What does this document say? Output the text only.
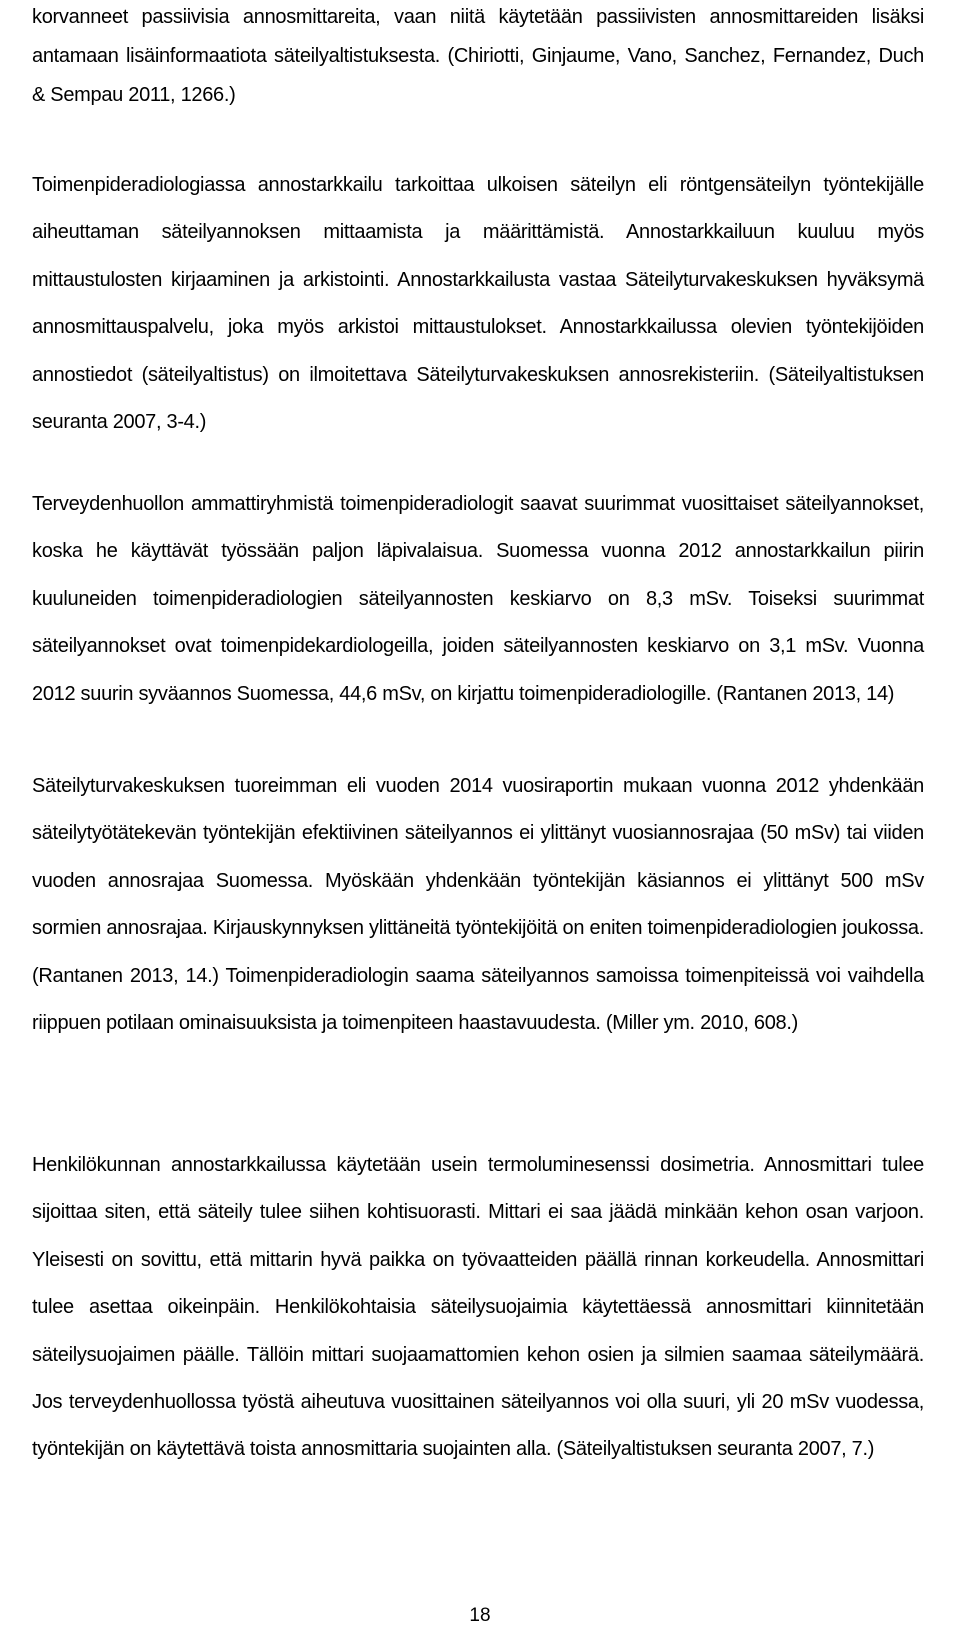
korvanneet passiivisia annosmittareita, vaan niitä käytetään passiivisten annosmittareiden lisäksi antamaan lisäinformaatiota säteilyaltistuksesta. (Chiriotti, Ginjaume, Vano, Sanchez, Fernandez, Duch & Sempau 2011, 1266.)

Toimenpideradiologiassa annostarkkailu tarkoittaa ulkoisen säteilyn eli röntgensäteilyn työntekijälle aiheuttaman säteilyannoksen mittaamista ja määrittämistä. Annostarkkailuun kuuluu myös mittaustulosten kirjaaminen ja arkistointi. Annostarkkailusta vastaa Säteilyturvakeskuksen hyväksymä annosmittauspalvelu, joka myös arkistoi mittaustulokset. Annostarkkailussa olevien työntekijöiden annostiedot (säteilyaltistus) on ilmoitettava Säteilyturvakeskuksen annosrekisteriin. (Säteilyaltistuksen seuranta 2007, 3-4.)

Terveydenhuollon ammattiryhmistä toimenpideradiologit saavat suurimmat vuosittaiset säteilyannokset, koska he käyttävät työssään paljon läpivalaisua. Suomessa vuonna 2012 annostarkkailun piirin kuuluneiden toimenpideradiologien säteilyannosten keskiarvo on 8,3 mSv. Toiseksi suurimmat säteilyannokset ovat toimenpidekardiologeilla, joiden säteilyannosten keskiarvo on 3,1 mSv. Vuonna 2012 suurin syväannos Suomessa, 44,6 mSv, on kirjattu toimenpideradiologille. (Rantanen 2013, 14)

Säteilyturvakeskuksen tuoreimman eli vuoden 2014 vuosiraportin mukaan vuonna 2012 yhdenkään säteilytyötätekevän työntekijän efektiivinen säteilyannos ei ylittänyt vuosiannosrajaa (50 mSv) tai viiden vuoden annosrajaa Suomessa. Myöskään yhdenkään työntekijän käsiannos ei ylittänyt 500 mSv sormien annosrajaa. Kirjauskynnyksen ylittäneitä työntekijöitä on eniten toimenpideradiologien joukossa. (Rantanen 2013, 14.) Toimenpideradiologin saama säteilyannos samoissa toimenpiteissä voi vaihdella riippuen potilaan ominaisuuksista ja toimenpiteen haastavuudesta. (Miller ym. 2010, 608.)

Henkilökunnan annostarkkailussa käytetään usein termoluminesenssi dosimetria. Annosmittari tulee sijoittaa siten, että säteily tulee siihen kohtisuorasti. Mittari ei saa jäädä minkään kehon osan varjoon. Yleisesti on sovittu, että mittarin hyvä paikka on työvaatteiden päällä rinnan korkeudella. Annosmittari tulee asettaa oikeinpäin. Henkilökohtaisia säteilysuojaimia käytettäessä annosmittari kiinnitetään säteilysuojaimen päälle. Tällöin mittari suojaamattomien kehon osien ja silmien saamaa säteilymäärä. Jos terveydenhuollossa työstä aiheutuva vuosittainen säteilyannos voi olla suuri, yli 20 mSv vuodessa, työntekijän on käytettävä toista annosmittaria suojainten alla. (Säteilyaltistuksen seuranta 2007, 7.)

18
